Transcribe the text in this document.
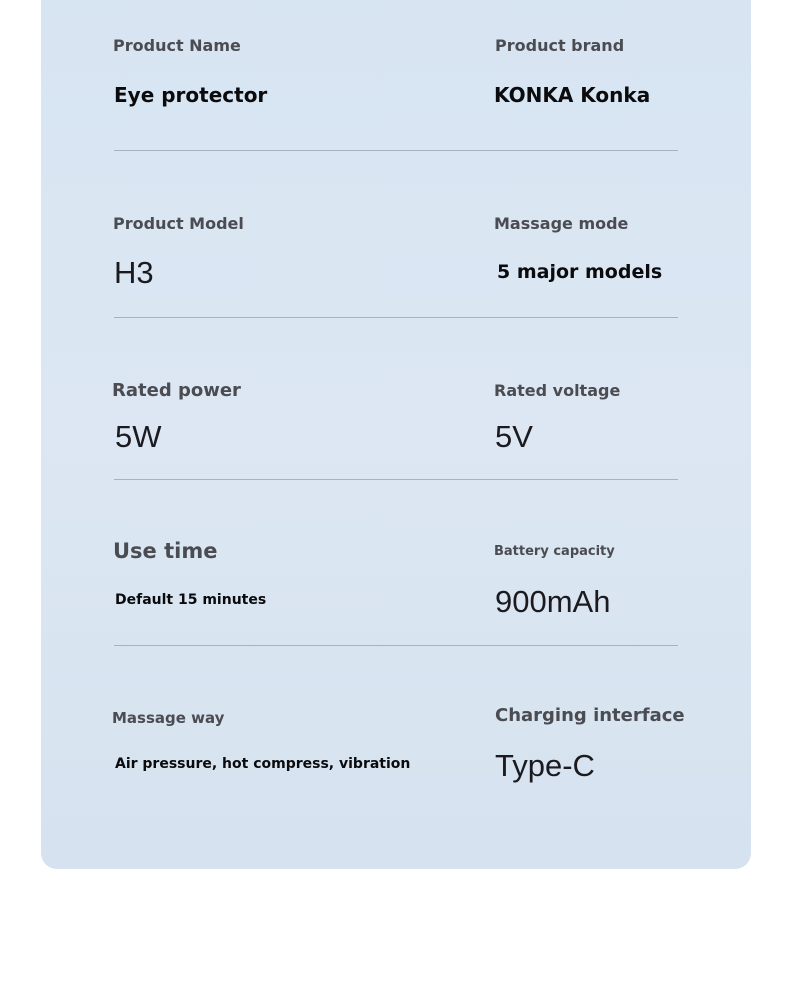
Product Name
Eye protector
Product brand
KONKA Konka
Product Model
H3
Massage mode
5 major models
Rated power
5W
Rated voltage
5V
Use time
Default 15 minutes
Battery capacity
900mAh
Massage way
Air pressure, hot compress, vibration
Charging interface
Type-C
